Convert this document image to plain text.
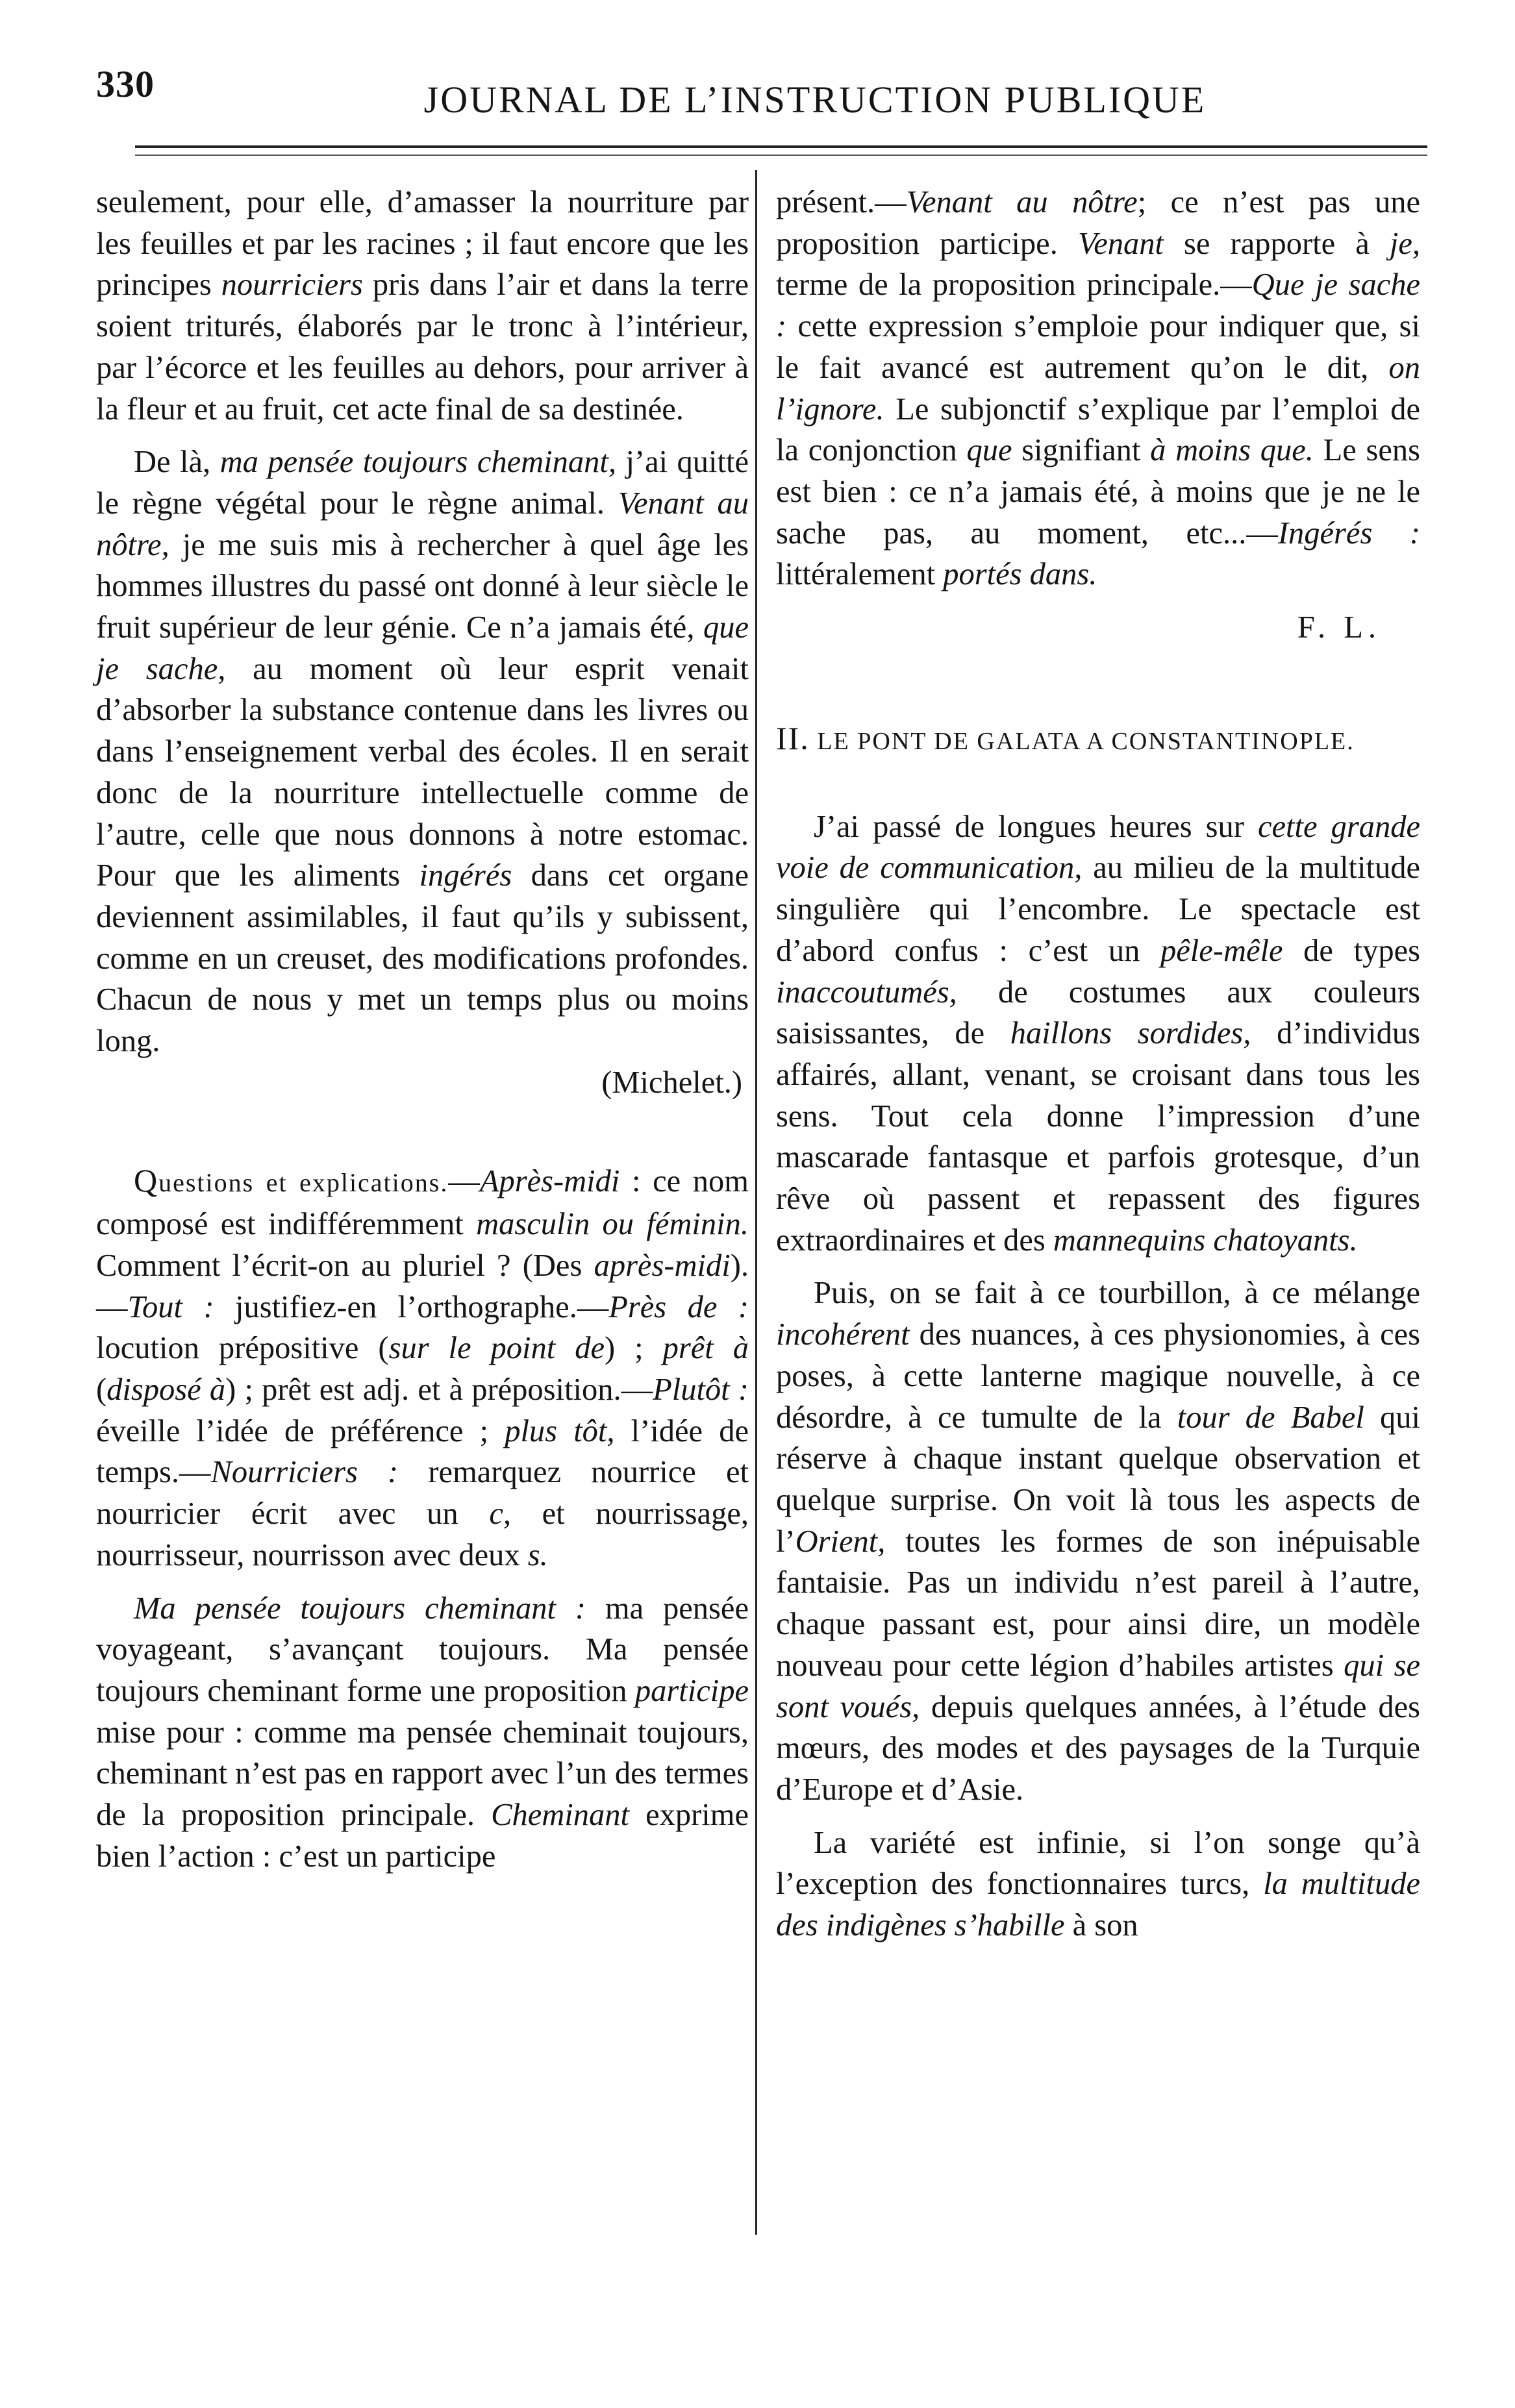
330	JOURNAL DE L’INSTRUCTION PUBLIQUE

seulement, pour elle, d’amasser la nourriture par les feuilles et par les racines ; il faut encore que les principes nourriciers pris dans l’air et dans la terre soient triturés, élaborés par le tronc à l’intérieur, par l’écorce et les feuilles au dehors, pour arriver à la fleur et au fruit, cet acte final de sa destinée.

De là, ma pensée toujours cheminant, j’ai quitté le règne végétal pour le règne animal. Venant au nôtre, je me suis mis à rechercher à quel âge les hommes illustres du passé ont donné à leur siècle le fruit supérieur de leur génie. Ce n’a jamais été, que je sache, au moment où leur esprit venait d’absorber la substance contenue dans les livres ou dans l’enseignement verbal des écoles. Il en serait donc de la nourriture intellectuelle comme de l’autre, celle que nous donnons à notre estomac. Pour que les aliments ingérés dans cet organe deviennent assimilables, il faut qu’ils y subissent, comme en un creuset, des modifications profondes. Chacun de nous y met un temps plus ou moins long.

(Michelet.)

Questions et explications.—Après-midi : ce nom composé est indifféremment masculin ou féminin. Comment l’écrit-on au pluriel ? (Des après-midi).—Tout : justifiez-en l’orthographe.—Près de : locution prépositive (sur le point de) ; prêt à (disposé à) ; prêt est adj. et à préposition.—Plutôt : éveille l’idée de préférence ; plus tôt, l’idée de temps.—Nourriciers : remarquez nourrice et nourricier écrit avec un c, et nourrissage, nourrisseur, nourrisson avec deux s.

Ma pensée toujours cheminant : ma pensée voyageant, s’avançant toujours. Ma pensée toujours cheminant forme une proposition participe mise pour : comme ma pensée cheminait toujours, cheminant n’est pas en rapport avec l’un des termes de la proposition principale. Cheminant exprime bien l’action : c’est un participe

présent.—Venant au nôtre; ce n’est pas une proposition participe. Venant se rapporte à je, terme de la proposition principale.—Que je sache : cette expression s’emploie pour indiquer que, si le fait avancé est autrement qu’on le dit, on l’ignore. Le subjonctif s’explique par l’emploi de la conjonction que signifiant à moins que. Le sens est bien : ce n’a jamais été, à moins que je ne le sache pas, au moment, etc...—Ingérés : littéralement portés dans.

F. L.

II. LE PONT DE GALATA A CONSTANTINOPLE.

J’ai passé de longues heures sur cette grande voie de communication, au milieu de la multitude singulière qui l’encombre. Le spectacle est d’abord confus : c’est un pêle-mêle de types inaccoutumés, de costumes aux couleurs saisissantes, de haillons sordides, d’individus affairés, allant, venant, se croisant dans tous les sens. Tout cela donne l’impression d’une mascarade fantasque et parfois grotesque, d’un rêve où passent et repassent des figures extraordinaires et des mannequins chatoyants.

Puis, on se fait à ce tourbillon, à ce mélange incohérent des nuances, à ces physionomies, à ces poses, à cette lanterne magique nouvelle, à ce désordre, à ce tumulte de la tour de Babel qui réserve à chaque instant quelque observation et quelque surprise. On voit là tous les aspects de l’Orient, toutes les formes de son inépuisable fantaisie. Pas un individu n’est pareil à l’autre, chaque passant est, pour ainsi dire, un modèle nouveau pour cette légion d’habiles artistes qui se sont voués, depuis quelques années, à l’étude des mœurs, des modes et des paysages de la Turquie d’Europe et d’Asie.

La variété est infinie, si l’on songe qu’à l’exception des fonctionnaires turcs, la multitude des indigènes s’habille à son
